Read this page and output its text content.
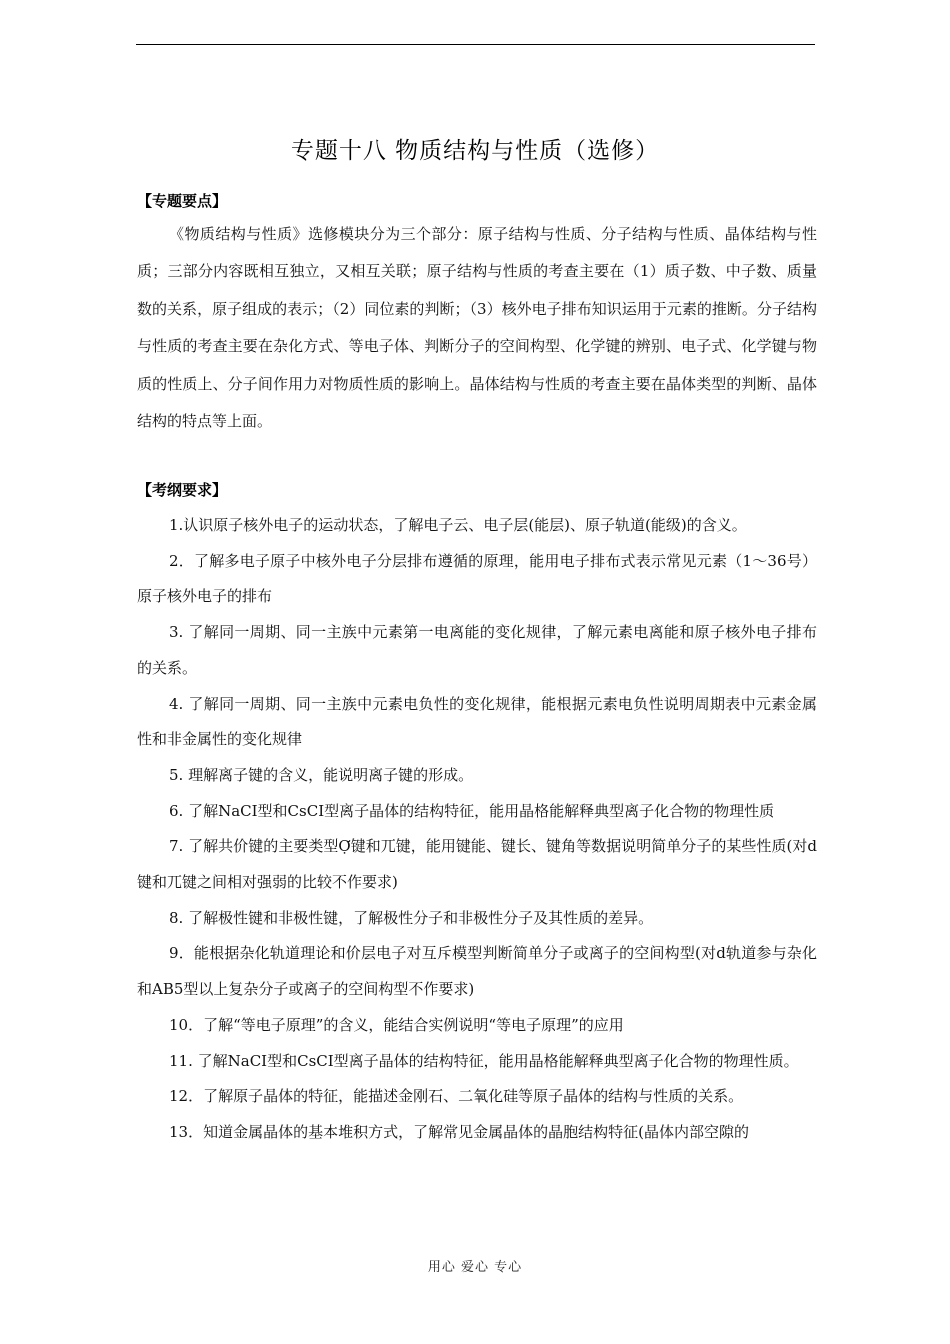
专题十八 物质结构与性质（选修）
【专题要点】

《物质结构与性质》选修模块分为三个部分：原子结构与性质、分子结构与性质、晶体结构与性质；三部分内容既相互独立，又相互关联；原子结构与性质的考查主要在（1）质子数、中子数、质量数的关系，原子组成的表示；（2）同位素的判断；（3）核外电子排布知识运用于元素的推断。分子结构与性质的考查主要在杂化方式、等电子体、判断分子的空间构型、化学键的辨别、电子式、化学键与物质的性质上、分子间作用力对物质性质的影响上。晶体结构与性质的考查主要在晶体类型的判断、晶体结构的特点等上面。

【考纲要求】
1.认识原子核外电子的运动状态，了解电子云、电子层(能层)、原子轨道(能级)的含义。
2．了解多电子原子中核外电子分层排布遵循的原理，能用电子排布式表示常见元素（1～36号）原子核外电子的排布
3. 了解同一周期、同一主族中元素第一电离能的变化规律，了解元素电离能和原子核外电子排布的关系。
4. 了解同一周期、同一主族中元素电负性的变化规律，能根据元素电负性说明周期表中元素金属性和非金属性的变化规律
5. 理解离子键的含义，能说明离子键的形成。
6. 了解NaCI型和CsCI型离子晶体的结构特征，能用晶格能解释典型离子化合物的物理性质
7. 了解共价键的主要类型Ợ键和兀键，能用键能、键长、键角等数据说明简单分子的某些性质(对d键和兀键之间相对强弱的比较不作要求)
8. 了解极性键和非极性键，了解极性分子和非极性分子及其性质的差异。
9．能根据杂化轨道理论和价层电子对互斥模型判断简单分子或离子的空间构型(对d轨道参与杂化和AB5型以上复杂分子或离子的空间构型不作要求)
10．了解“等电子原理”的含义，能结合实例说明“等电子原理”的应用
11. 了解NaCI型和CsCI型离子晶体的结构特征，能用晶格能解释典型离子化合物的物理性质。
12．了解原子晶体的特征，能描述金刚石、二氧化硅等原子晶体的结构与性质的关系。
13．知道金属晶体的基本堆积方式，了解常见金属晶体的晶胞结构特征(晶体内部空隙的
用心 爱心 专心
